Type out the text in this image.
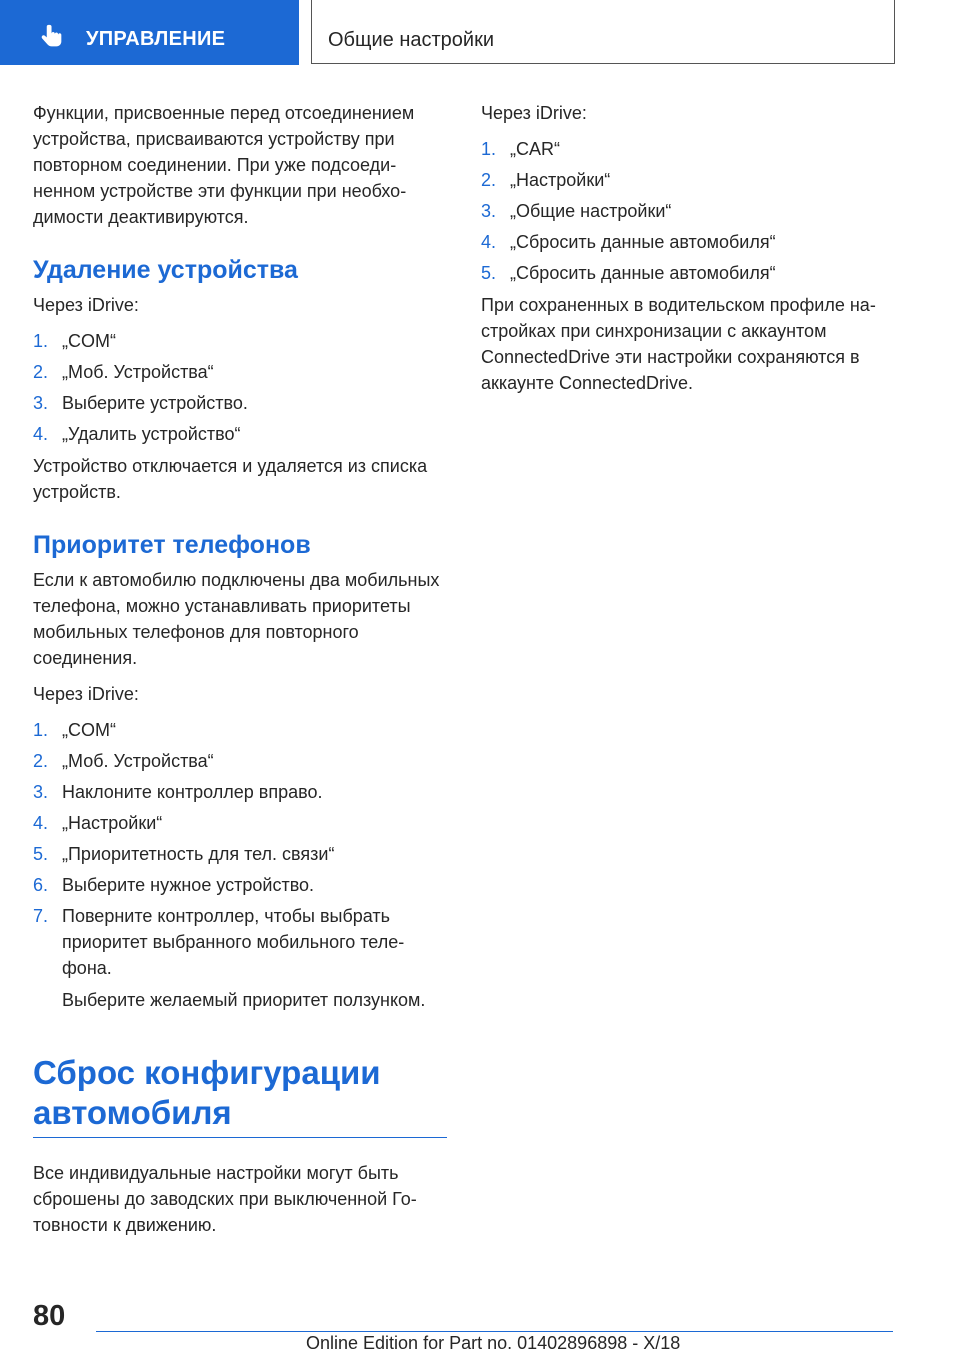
УПРАВЛЕНИЕ	Общие настройки

Функции, присвоенные перед отсоединением устройства, присваиваются устройству при повторном соединении. При уже подсоединенном устройстве эти функции при необходимости деактивируются.

Удаление устройства

Через iDrive:

1. „COM“
2. „Моб. Устройства“
3. Выберите устройство.
4. „Удалить устройство“

Устройство отключается и удаляется из списка устройств.

Приоритет телефонов

Если к автомобилю подключены два мобильных телефона, можно устанавливать приоритеты мобильных телефонов для повторного соединения.

Через iDrive:

1. „COM“
2. „Моб. Устройства“
3. Наклоните контроллер вправо.
4. „Настройки“
5. „Приоритетность для тел. связи“
6. Выберите нужное устройство.
7. Поверните контроллер, чтобы выбрать приоритет выбранного мобильного телефона.

Выберите желаемый приоритет ползунком.

Сброс конфигурации автомобиля

Все индивидуальные настройки могут быть сброшены до заводских при выключенной Готовности к движению.

Через iDrive:

1. „CAR“
2. „Настройки“
3. „Общие настройки“
4. „Сбросить данные автомобиля“
5. „Сбросить данные автомобиля“

При сохраненных в водительском профиле настройках при синхронизации с аккаунтом ConnectedDrive эти настройки сохраняются в аккаунте ConnectedDrive.

80
Online Edition for Part no. 01402896898 - X/18
